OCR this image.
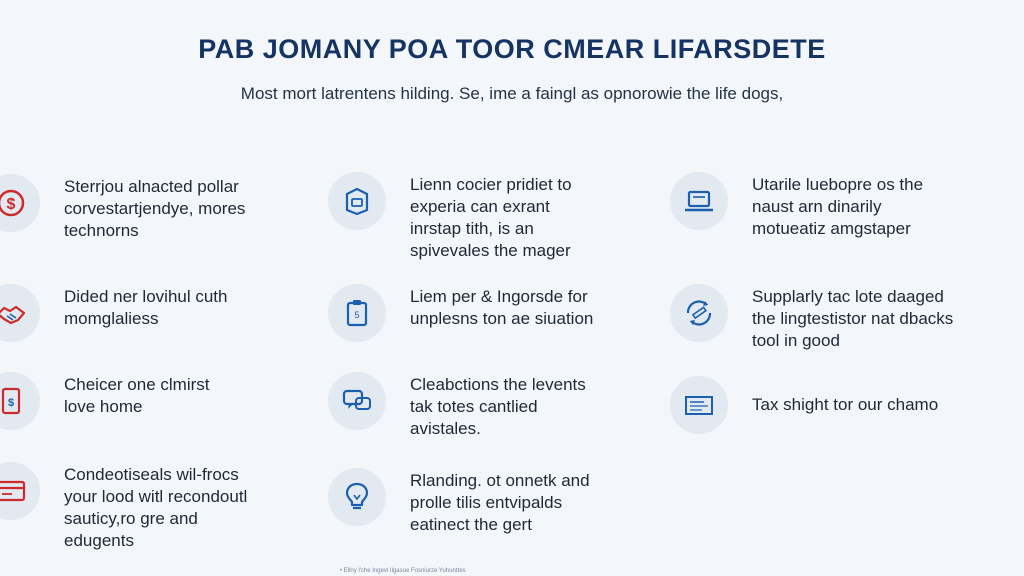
PAB JOMANY POA TOOR CMEAR LIFARSDETE
Most mort latrentens hilding. Se, ime a faingl as opnorowie the life dogs,
$
Sterrjou alnacted pollar
corvestartjendye, mores
technorns
Dided ner lovihul cuth
momglaliess
$
Cheicer one clmirst
love home
Condeotiseals wil-frocs
your lood witl recondoutl
sauticy,ro gre and
edugents
Lienn cocier pridiet to
experia can exrant
inrstap tith, is an
spivevales the mager
5
Liem per & Ingorsde for
unplesns ton ae siuation
Cleabctions the levents
tak totes cantlied
avistales.
Rlanding. ot onnetk and
prolle tilis entvipalds
eatinect the gert
Utarile luebopre os the
naust arn dinarily
motueatiz amgstaper
Supplarly tac lote daaged
the lingtestistor nat dbacks
tool in good
Tax shight tor our chamo
• Ellny l'che Ingevl Ilgasoe Fosniurze Yuhunttes
